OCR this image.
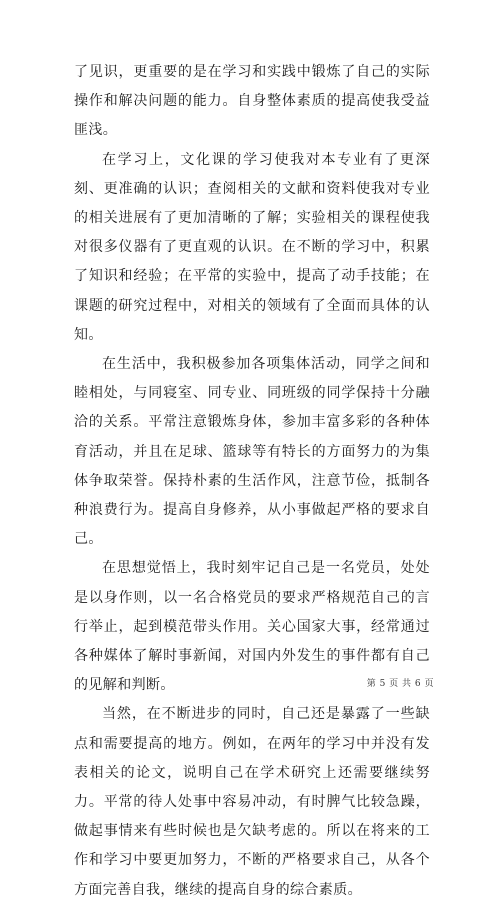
了见识，更重要的是在学习和实践中锻炼了自己的实际操作和解决问题的能力。自身整体素质的提高使我受益匪浅。

在学习上，文化课的学习使我对本专业有了更深刻、更准确的认识；查阅相关的文献和资料使我对专业的相关进展有了更加清晰的了解；实验相关的课程使我对很多仪器有了更直观的认识。在不断的学习中，积累了知识和经验；在平常的实验中，提高了动手技能；在课题的研究过程中，对相关的领域有了全面而具体的认知。

在生活中，我积极参加各项集体活动，同学之间和睦相处，与同寝室、同专业、同班级的同学保持十分融洽的关系。平常注意锻炼身体，参加丰富多彩的各种体育活动，并且在足球、篮球等有特长的方面努力的为集体争取荣誉。保持朴素的生活作风，注意节俭，抵制各种浪费行为。提高自身修养，从小事做起严格的要求自己。

在思想觉悟上，我时刻牢记自己是一名党员，处处是以身作则，以一名合格党员的要求严格规范自己的言行举止，起到模范带头作用。关心国家大事，经常通过各种媒体了解时事新闻，对国内外发生的事件都有自己的见解和判断。

当然，在不断进步的同时，自己还是暴露了一些缺点和需要提高的地方。例如，在两年的学习中并没有发表相关的论文，说明自己在学术研究上还需要继续努力。平常的待人处事中容易冲动，有时脾气比较急躁，做起事情来有些时候也是欠缺考虑的。所以在将来的工作和学习中要更加努力，不断的严格要求自己，从各个方面完善自我，继续的提高自身的综合素质。

第 5 页 共 6 页
